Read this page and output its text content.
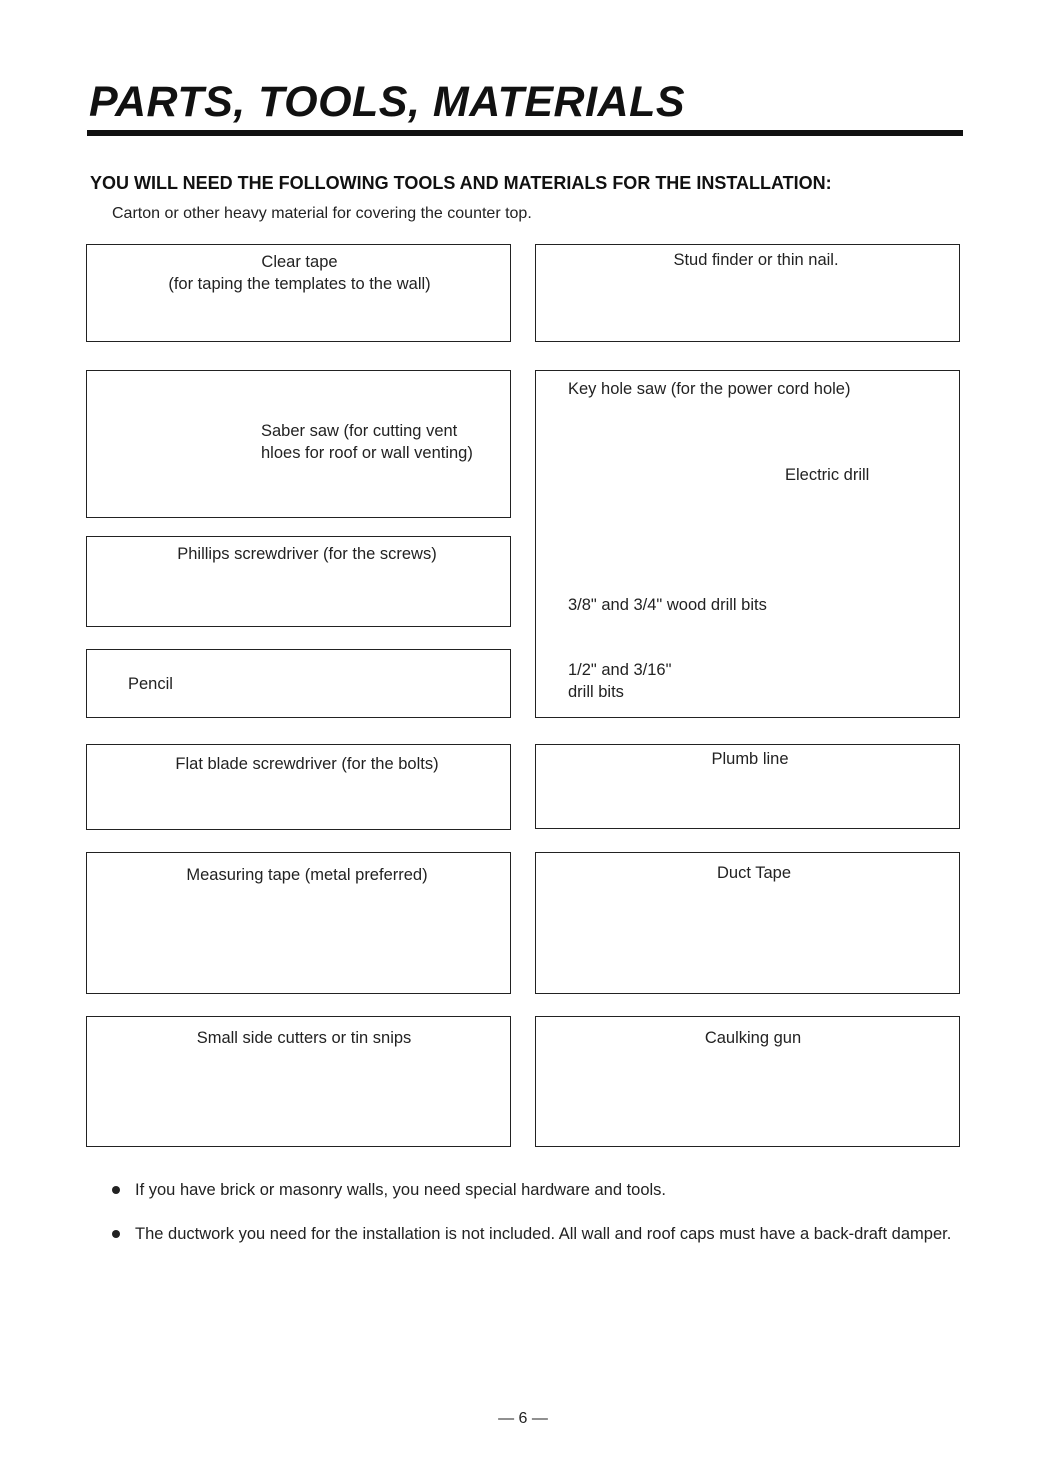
PARTS, TOOLS, MATERIALS
YOU WILL NEED THE FOLLOWING TOOLS AND MATERIALS FOR THE INSTALLATION:
Carton or other heavy material for covering the counter top.
Clear tape
(for taping the templates to the wall)
Stud finder or thin nail.
Saber saw (for cutting vent
hloes for roof or wall venting)
Key hole saw (for the power cord hole)
Electric drill
3/8" and 3/4" wood drill bits
1/2" and 3/16"
drill bits
Phillips screwdriver (for the screws)
Pencil
Flat blade screwdriver (for the bolts)	Plumb line
Measuring tape (metal preferred)	Duct Tape
Small side cutters or tin snips	Caulking gun
If you have brick or masonry walls, you need special hardware and tools.
The ductwork you need for the installation is not included. All wall and roof caps must have a back-draft damper.
— 6 —
